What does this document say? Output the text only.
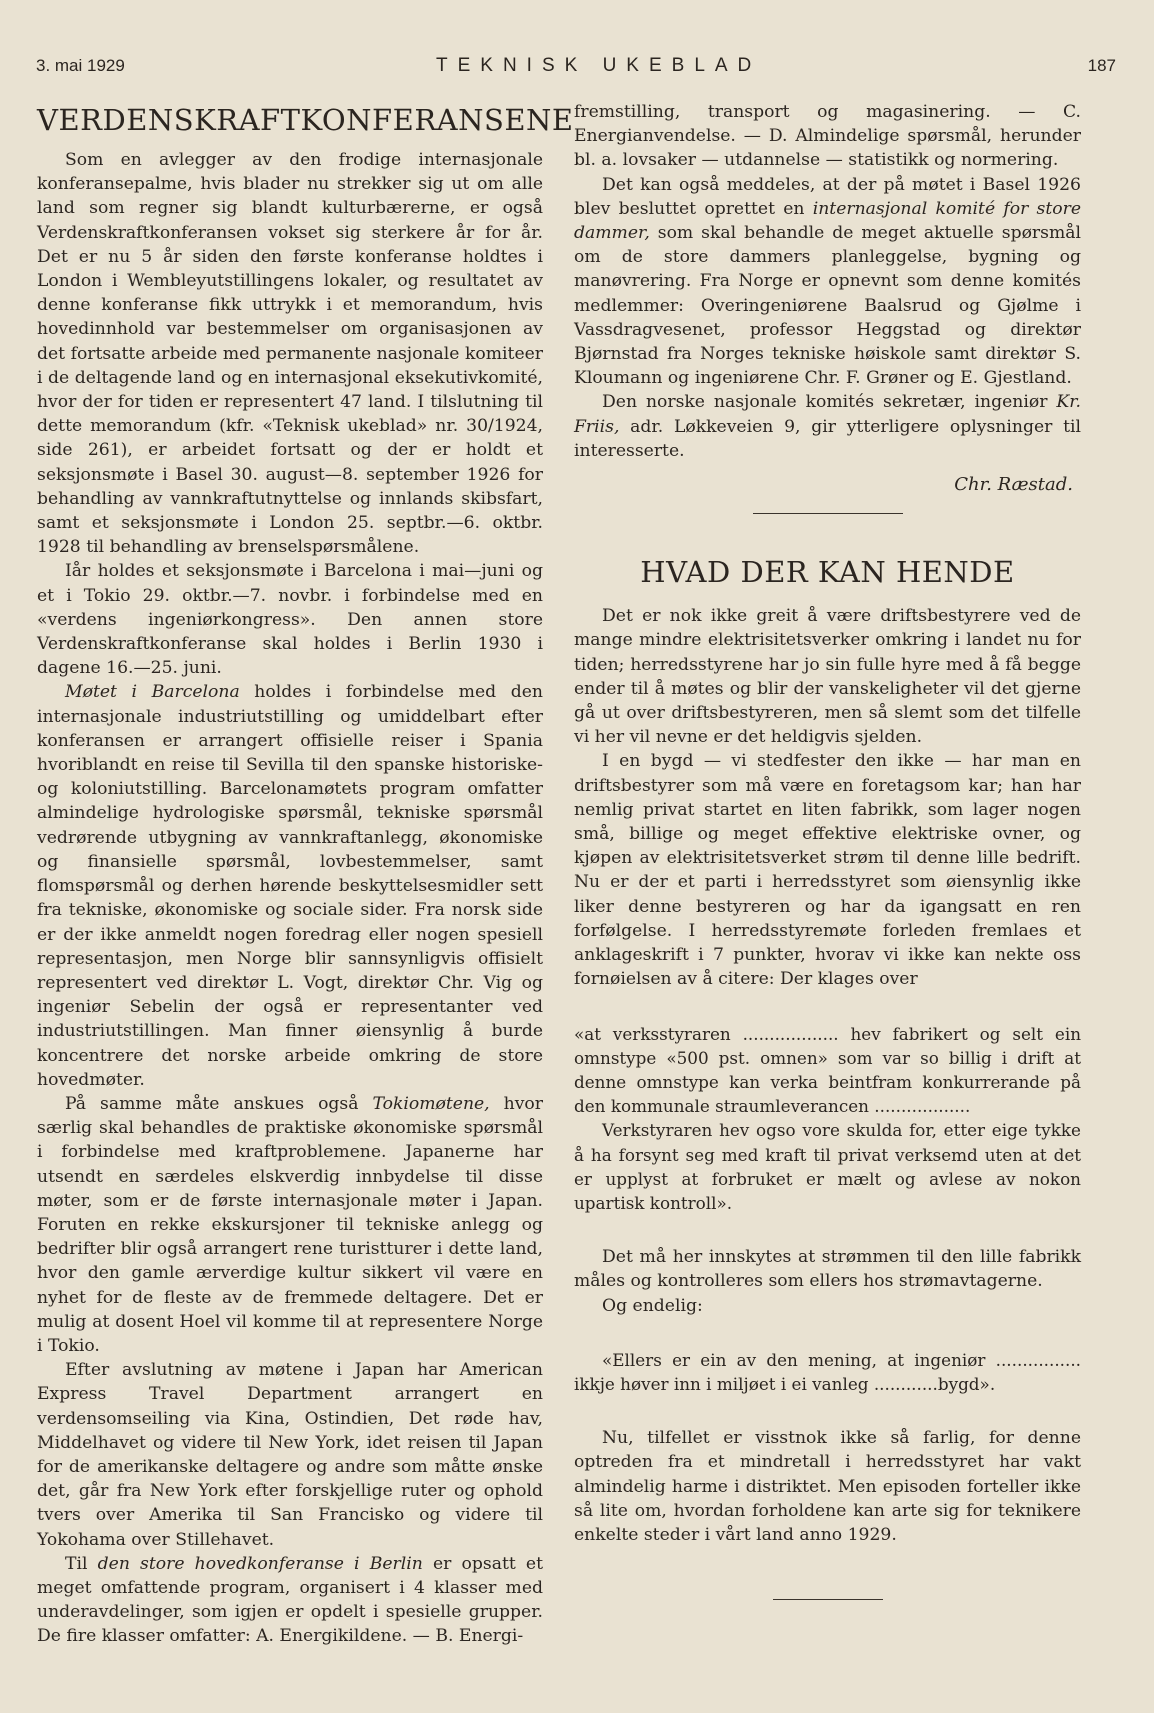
3. mai 1929	TEKNISK UKEBLAD	187
VERDENSKRAFTKONFERANSENE

Som en avlegger av den frodige internasjonale konferansepalme, hvis blader nu strekker sig ut om alle land som regner sig blandt kulturbærerne, er også Verdenskraftkonferansen vokset sig sterkere år for år. Det er nu 5 år siden den første konferanse holdtes i London i Wembleyutstillingens lokaler, og resultatet av denne konferanse fikk uttrykk i et memorandum, hvis hovedinnhold var bestemmelser om organisasjonen av det fortsatte arbeide med permanente nasjonale komiteer i de deltagende land og en internasjonal eksekutivkomité, hvor der for tiden er representert 47 land. I tilslutning til dette memorandum (kfr. «Teknisk ukeblad» nr. 30/1924, side 261), er arbeidet fortsatt og der er holdt et seksjonsmøte i Basel 30. august—8. september 1926 for behandling av vannkraftutnyttelse og innlands skibsfart, samt et seksjonsmøte i London 25. septbr.—6. oktbr. 1928 til behandling av brenselspørsmålene.

Iår holdes et seksjonsmøte i Barcelona i mai—juni og et i Tokio 29. oktbr.—7. novbr. i forbindelse med en «verdens ingeniørkongress». Den annen store Verdenskraftkonferanse skal holdes i Berlin 1930 i dagene 16.—25. juni.

Møtet i Barcelona holdes i forbindelse med den internasjonale industriutstilling og umiddelbart efter konferansen er arrangert offisielle reiser i Spania hvoriblandt en reise til Sevilla til den spanske historiske- og koloniutstilling. Barcelonamøtets program omfatter almindelige hydrologiske spørsmål, tekniske spørsmål vedrørende utbygning av vannkraftanlegg, økonomiske og finansielle spørsmål, lovbestemmelser, samt flomspørsmål og derhen hørende beskyttelsesmidler sett fra tekniske, økonomiske og sociale sider. Fra norsk side er der ikke anmeldt nogen foredrag eller nogen spesiell representasjon, men Norge blir sannsynligvis offisielt representert ved direktør L. Vogt, direktør Chr. Vig og ingeniør Sebelin der også er representanter ved industriutstillingen. Man finner øiensynlig å burde koncentrere det norske arbeide omkring de store hovedmøter.

På samme måte anskues også Tokiomøtene, hvor særlig skal behandles de praktiske økonomiske spørsmål i forbindelse med kraftproblemene. Japanerne har utsendt en særdeles elskverdig innbydelse til disse møter, som er de første internasjonale møter i Japan. Foruten en rekke ekskursjoner til tekniske anlegg og bedrifter blir også arrangert rene turistturer i dette land, hvor den gamle ærverdige kultur sikkert vil være en nyhet for de fleste av de fremmede deltagere. Det er mulig at dosent Hoel vil komme til at representere Norge i Tokio.

Efter avslutning av møtene i Japan har American Express Travel Department arrangert en verdensomseiling via Kina, Ostindien, Det røde hav, Middelhavet og videre til New York, idet reisen til Japan for de amerikanske deltagere og andre som måtte ønske det, går fra New York efter forskjellige ruter og ophold tvers over Amerika til San Francisko og videre til Yokohama over Stillehavet.

Til den store hovedkonferanse i Berlin er opsatt et meget omfattende program, organisert i 4 klasser med underavdelinger, som igjen er opdelt i spesielle grupper. De fire klasser omfatter: A. Energikildene. — B. Energi-

fremstilling, transport og magasinering. — C. Energianvendelse. — D. Almindelige spørsmål, herunder bl. a. lovsaker — utdannelse — statistikk og normering.

Det kan også meddeles, at der på møtet i Basel 1926 blev besluttet oprettet en internasjonal komité for store dammer, som skal behandle de meget aktuelle spørsmål om de store dammers planleggelse, bygning og manøvrering. Fra Norge er opnevnt som denne komités medlemmer: Overingeniørene Baalsrud og Gjølme i Vassdragvesenet, professor Heggstad og direktør Bjørnstad fra Norges tekniske høiskole samt direktør S. Kloumann og ingeniørene Chr. F. Grøner og E. Gjestland.

Den norske nasjonale komités sekretær, ingeniør Kr. Friis, adr. Løkkeveien 9, gir ytterligere oplysninger til interesserte.

Chr. Ræstad.

HVAD DER KAN HENDE

Det er nok ikke greit å være driftsbestyrere ved de mange mindre elektrisitetsverker omkring i landet nu for tiden; herredsstyrene har jo sin fulle hyre med å få begge ender til å møtes og blir der vanskeligheter vil det gjerne gå ut over driftsbestyreren, men så slemt som det tilfelle vi her vil nevne er det heldigvis sjelden.

I en bygd — vi stedfester den ikke — har man en driftsbestyrer som må være en foretagsom kar; han har nemlig privat startet en liten fabrikk, som lager nogen små, billige og meget effektive elektriske ovner, og kjøpen av elektrisitetsverket strøm til denne lille bedrift. Nu er der et parti i herredsstyret som øiensynlig ikke liker denne bestyreren og har da igangsatt en ren forfølgelse. I herredsstyremøte forleden fremlaes et anklageskrift i 7 punkter, hvorav vi ikke kan nekte oss fornøielsen av å citere: Der klages over

«at verksstyraren .................. hev fabrikert og selt ein omnstype «500 pst. omnen» som var so billig i drift at denne omnstype kan verka beintfram konkurrerande på den kommunale straumleverancen ..................

Verkstyraren hev ogso vore skulda for, etter eige tykke å ha forsynt seg med kraft til privat verksemd uten at det er upplyst at forbruket er mælt og avlese av nokon upartisk kontroll».

Det må her innskytes at strømmen til den lille fabrikk måles og kontrolleres som ellers hos strømavtagerne.

Og endelig:

«Ellers er ein av den mening, at ingeniør ................ ikkje høver inn i miljøet i ei vanleg ............bygd».

Nu, tilfellet er visstnok ikke så farlig, for denne optreden fra et mindretall i herredsstyret har vakt almindelig harme i distriktet. Men episoden forteller ikke så lite om, hvordan forholdene kan arte sig for teknikere enkelte steder i vårt land anno 1929.
